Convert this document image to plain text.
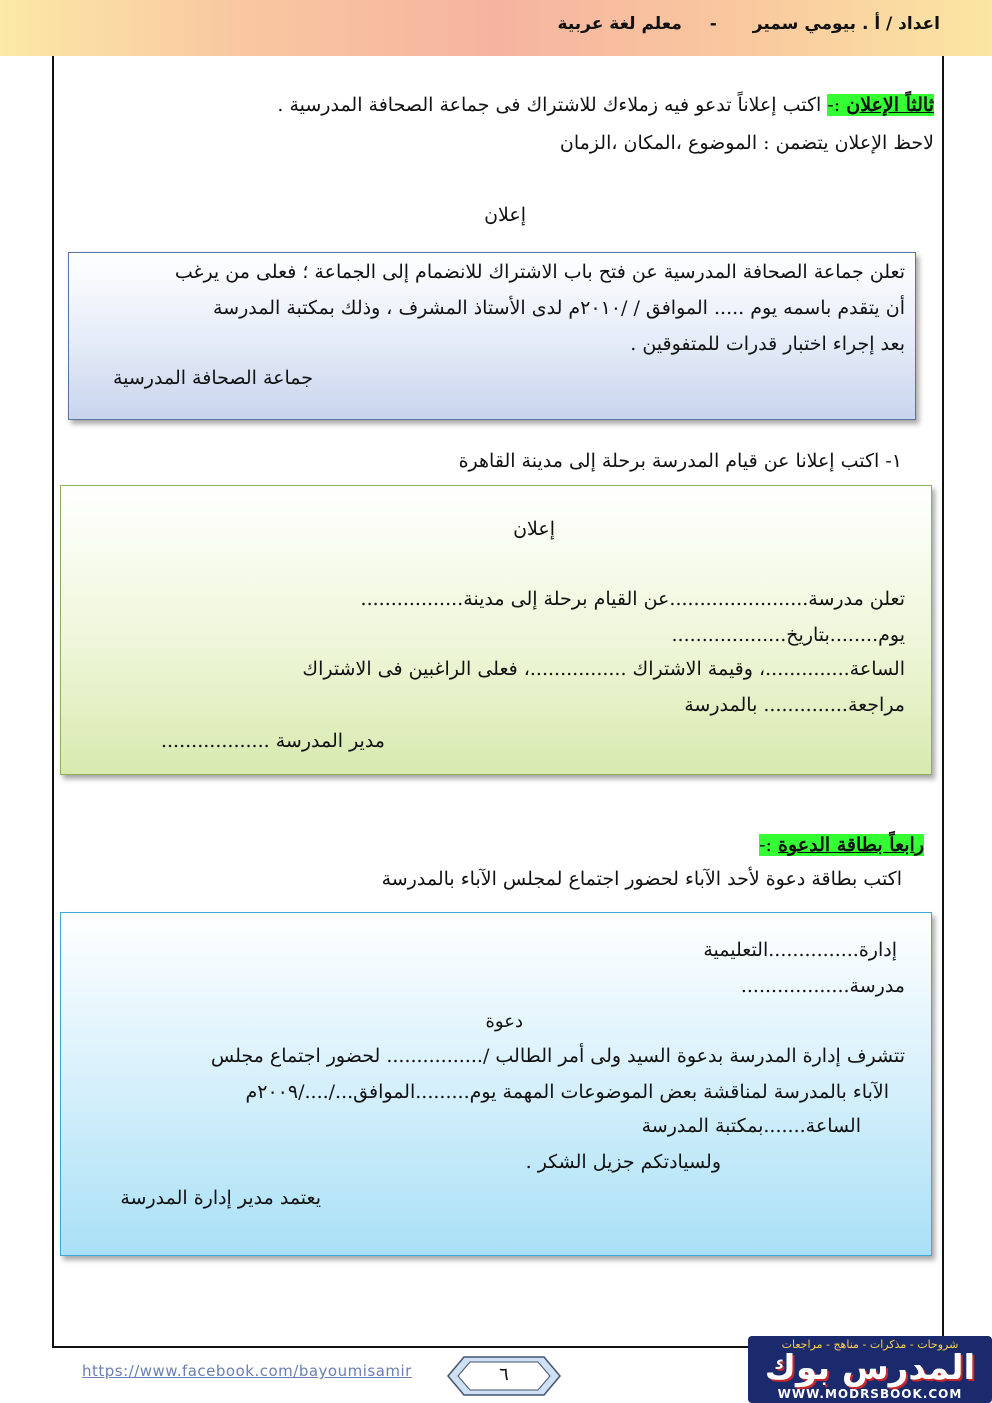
اعداد / أ . بيومي سمير - معلم لغة عربية
ثالثاً الإعلان :- اكتب إعلاناً تدعو فيه زملاءك للاشتراك فى جماعة الصحافة المدرسية .
لاحظ الإعلان يتضمن : الموضوع ،المكان ،الزمان
إعلان
تعلن جماعة الصحافة المدرسية عن فتح باب الاشتراك للانضمام إلى الجماعة ؛ فعلى من يرغب
أن يتقدم باسمه يوم ..... الموافق / /٢٠١٠م لدى الأستاذ المشرف ، وذلك بمكتبة المدرسة
بعد إجراء اختبار قدرات للمتفوقين .
جماعة الصحافة المدرسية
١- اكتب إعلانا عن قيام المدرسة برحلة إلى مدينة القاهرة
إعلان
تعلن مدرسة.......................عن القيام برحلة إلى مدينة.................
يوم........بتاريخ...................
الساعة..............، وقيمة الاشتراك ................، فعلى الراغبين فى الاشتراك
مراجعة.............. بالمدرسة
مدير المدرسة ..................
رابعاً بطاقة الدعوة :-
اكتب بطاقة دعوة لأحد الآباء لحضور اجتماع لمجلس الآباء بالمدرسة
إدارة...............التعليمية
مدرسة..................
دعوة
تتشرف إدارة المدرسة بدعوة السيد ولى أمر الطالب /................ لحضور اجتماع مجلس
الآباء بالمدرسة لمناقشة بعض الموضوعات المهمة يوم.........الموافق.../..../٢٠٠٩م
الساعة.......بمكتبة المدرسة
ولسيادتكم جزيل الشكر .
يعتمد مدير إدارة المدرسة
https://www.facebook.com/bayoumisamir	٦
شروحات - مذكرات - مناهج - مراجعات
المدرس بوك
WWW.MODRSBOOK.COM
